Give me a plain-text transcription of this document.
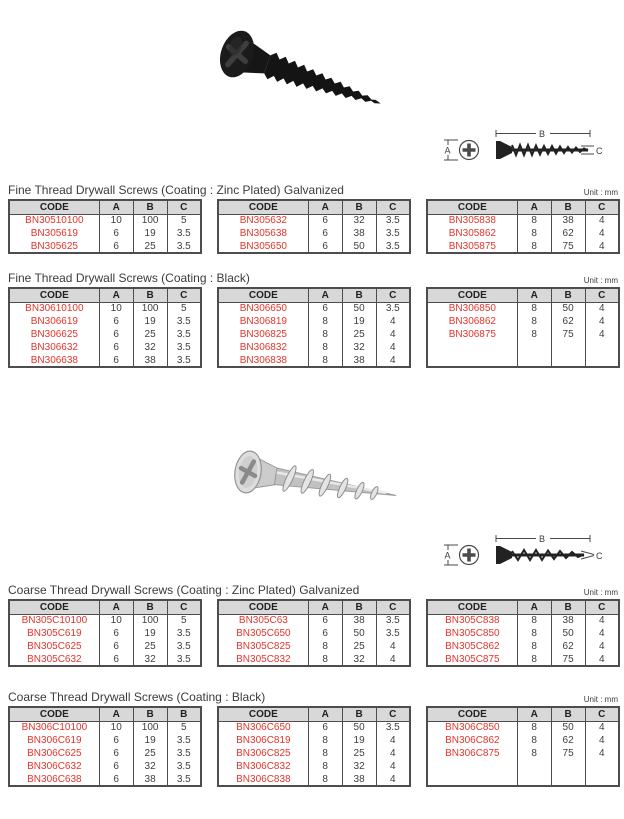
A
B
C
Fine Thread Drywall Screws (Coating : Zinc Plated) Galvanized	Unit : mm
CODE	A	B	C
BN30510100	10	100	5
BN305619	6	19	3.5
BN305625	6	25	3.5
CODE	A	B	C
BN305632	6	32	3.5
BN305638	6	38	3.5
BN305650	6	50	3.5
CODE	A	B	C
BN305838	8	38	4
BN305862	8	62	4
BN305875	8	75	4
Fine Thread Drywall Screws (Coating : Black)	Unit : mm
CODE	A	B	C
BN30610100	10	100	5
BN306619	6	19	3.5
BN306625	6	25	3.5
BN306632	6	32	3.5
BN306638	6	38	3.5
CODE	A	B	C
BN306650	6	50	3.5
BN306819	8	19	4
BN306825	8	25	4
BN306832	8	32	4
BN306838	8	38	4
CODE	A	B	C
BN306850	8	50	4
BN306862	8	62	4
BN306875	8	75	4

A
B
C
Coarse Thread Drywall Screws (Coating : Zinc Plated) Galvanized	Unit : mm
CODE	A	B	C
BN305C10100	10	100	5
BN305C619	6	19	3.5
BN305C625	6	25	3.5
BN305C632	6	32	3.5
CODE	A	B	C
BN305C63	6	38	3.5
BN305C650	6	50	3.5
BN305C825	8	25	4
BN305C832	8	32	4
CODE	A	B	C
BN305C838	8	38	4
BN305C850	8	50	4
BN305C862	8	62	4
BN305C875	8	75	4
Coarse Thread Drywall Screws (Coating : Black)	Unit : mm
CODE	A	B	B
BN306C10100	10	100	5
BN306C619	6	19	3.5
BN306C625	6	25	3.5
BN306C632	6	32	3.5
BN306C638	6	38	3.5
CODE	A	B	C
BN306C650	6	50	3.5
BN306C819	8	19	4
BN306C825	8	25	4
BN306C832	8	32	4
BN306C838	8	38	4
CODE	A	B	C
BN306C850	8	50	4
BN306C862	8	62	4
BN306C875	8	75	4
